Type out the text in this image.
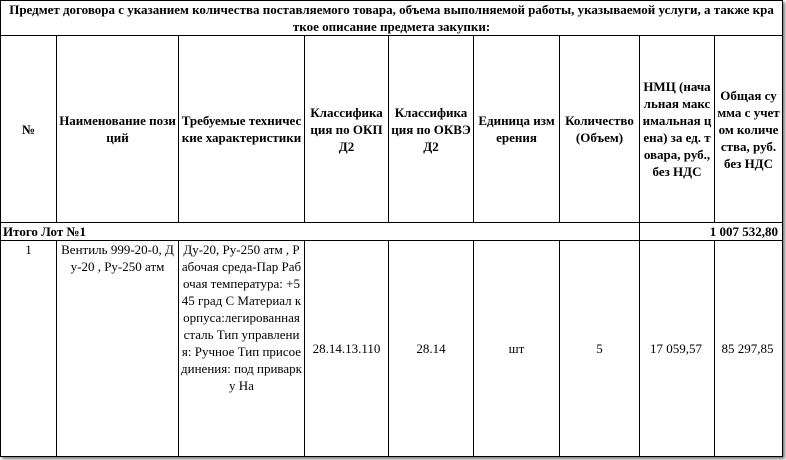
Предмет договора с указанием количества поставляемого товара, объема выполняемой работы, указываемой услуги, а также краткое описание предмета закупки:								
№	Наименование позиций	Требуемые технические характеристики	Классификация по ОКПД2	Классификация по ОКВЭД2	Единица измерения	Количество (Объем)	НМЦ (начальная максимальная цена) за ед. товара, руб., без НДС	Общая сумма с учетом количества, руб. без НДС
Итого Лот №1							1 007 532,80	
1	Вентиль 999-20-0, Ду-20 , Ру-250 атм	Ду-20, Ру-250 атм , Рабочая среда-Пар Рабочая температура: +545 град С Материал корпуса:легированная сталь Тип управления: Ручное Тип присоединения: под приварку На	28.14.13.110	28.14	шт	5	17 059,57	85 297,85
